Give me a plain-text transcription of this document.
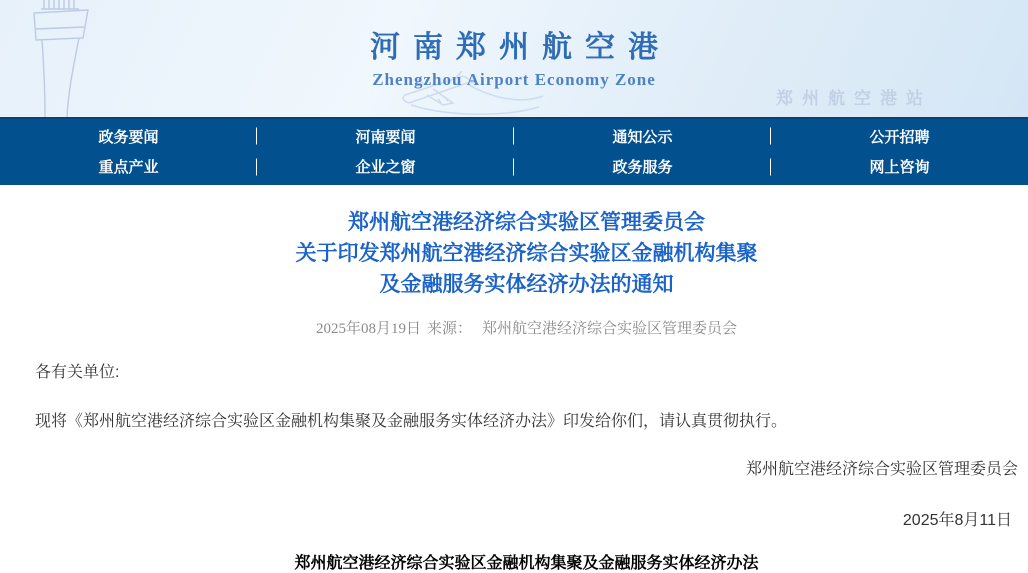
河南郑州航空港
Zhengzhou Airport Economy Zone
郑州航空港站
政务要闻	河南要闻	通知公示	公开招聘
重点产业	企业之窗	政务服务	网上咨询
郑州航空港经济综合实验区管理委员会
关于印发郑州航空港经济综合实验区金融机构集聚
及金融服务实体经济办法的通知
2025年08月19日 来源： 郑州航空港经济综合实验区管理委员会
各有关单位:
现将《郑州航空港经济综合实验区金融机构集聚及金融服务实体经济办法》印发给你们，请认真贯彻执行。
郑州航空港经济综合实验区管理委员会
2025年8月11日
郑州航空港经济综合实验区金融机构集聚及金融服务实体经济办法
